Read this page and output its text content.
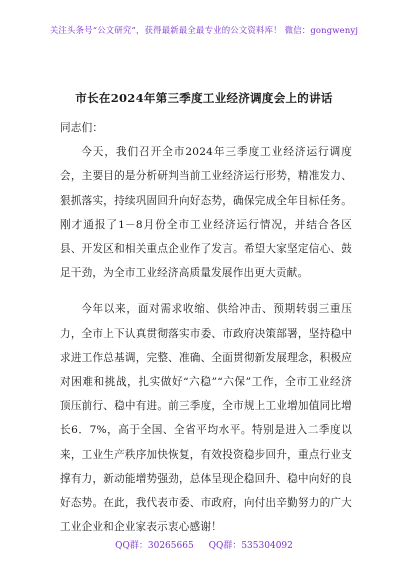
关注头条号“公文研究”，获得最新最全最专业的公文资料库！ 微信：gongwenyj
市长在2024年第三季度工业经济调度会上的讲话

同志们：

今天，我们召开全市2024年三季度工业经济运行调度会，主要目的是分析研判当前工业经济运行形势，精准发力、狠抓落实，持续巩固回升向好态势，确保完成全年目标任务。刚才通报了1－8月份全市工业经济运行情况，并结合各区县、开发区和相关重点企业作了发言。希望大家坚定信心、鼓足干劲，为全市工业经济高质量发展作出更大贡献。

今年以来，面对需求收缩、供给冲击、预期转弱三重压力，全市上下认真贯彻落实市委、市政府决策部署，坚持稳中求进工作总基调，完整、准确、全面贯彻新发展理念，积极应对困难和挑战，扎实做好“六稳”“六保”工作，全市工业经济顶压前行、稳中有进。前三季度，全市规上工业增加值同比增长6．7%，高于全国、全省平均水平。特别是进入二季度以来，工业生产秩序加快恢复，有效投资稳步回升，重点行业支撑有力，新动能增势强劲，总体呈现企稳回升、稳中向好的良好态势。在此，我代表市委、市政府，向付出辛勤努力的广大工业企业和企业家表示衷心感谢！

QQ群：30265665 QQ群：535304092
